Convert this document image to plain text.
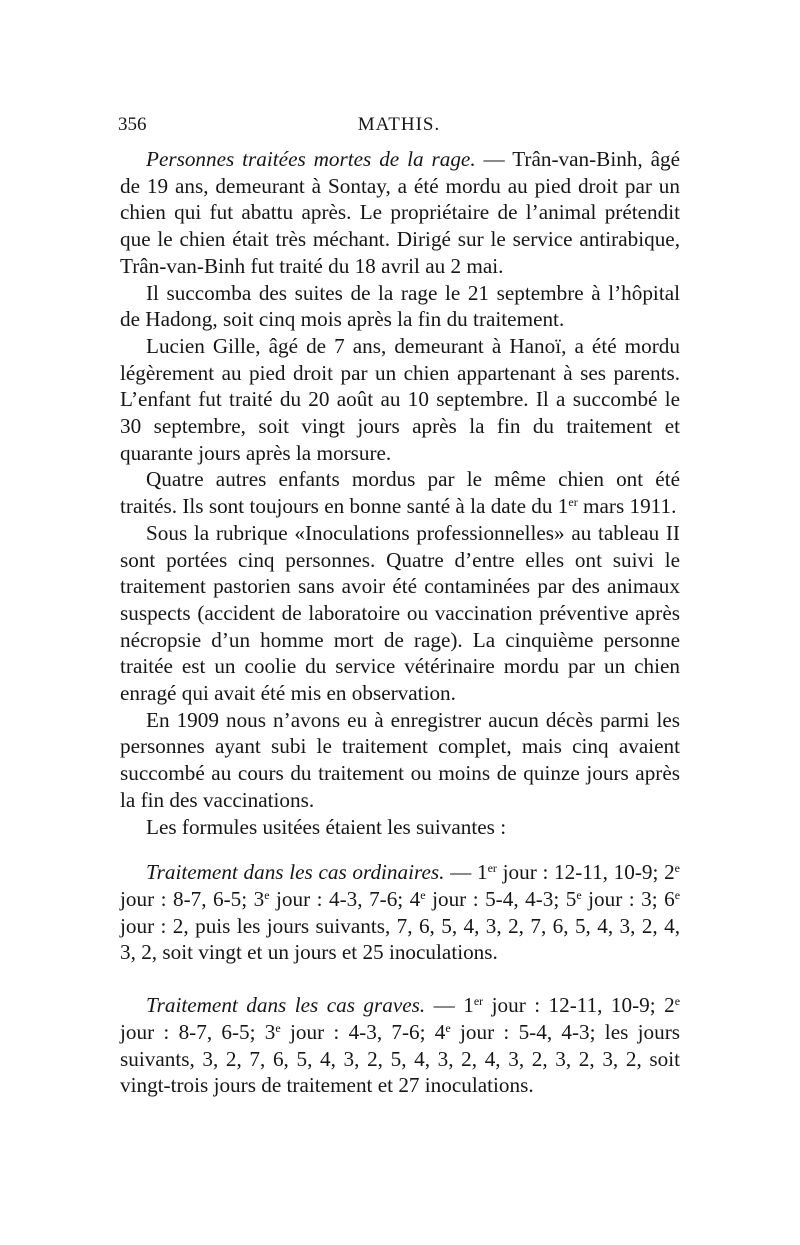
356	MATHIS.

Personnes traitées mortes de la rage. — Trân-van-Binh, âgé de 19 ans, demeurant à Sontay, a été mordu au pied droit par un chien qui fut abattu après. Le propriétaire de l’animal prétendit que le chien était très méchant. Dirigé sur le service antirabique, Trân-van-Binh fut traité du 18 avril au 2 mai.

Il succomba des suites de la rage le 21 septembre à l’hôpital de Hadong, soit cinq mois après la fin du traitement.

Lucien Gille, âgé de 7 ans, demeurant à Hanoï, a été mordu légèrement au pied droit par un chien appartenant à ses parents. L’enfant fut traité du 20 août au 10 septembre. Il a succombé le 30 septembre, soit vingt jours après la fin du traitement et quarante jours après la morsure.

Quatre autres enfants mordus par le même chien ont été traités. Ils sont toujours en bonne santé à la date du 1er mars 1911.

Sous la rubrique «Inoculations professionnelles» au tableau II sont portées cinq personnes. Quatre d’entre elles ont suivi le traitement pastorien sans avoir été contaminées par des animaux suspects (accident de laboratoire ou vaccination préventive après nécropsie d’un homme mort de rage). La cinquième personne traitée est un coolie du service vétérinaire mordu par un chien enragé qui avait été mis en observation.

En 1909 nous n’avons eu à enregistrer aucun décès parmi les personnes ayant subi le traitement complet, mais cinq avaient succombé au cours du traitement ou moins de quinze jours après la fin des vaccinations.

Les formules usitées étaient les suivantes :

Traitement dans les cas ordinaires. — 1er jour : 12-11, 10-9; 2e jour : 8-7, 6-5; 3e jour : 4-3, 7-6; 4e jour : 5-4, 4-3; 5e jour : 3; 6e jour : 2, puis les jours suivants, 7, 6, 5, 4, 3, 2, 7, 6, 5, 4, 3, 2, 4, 3, 2, soit vingt et un jours et 25 inoculations.

Traitement dans les cas graves. — 1er jour : 12-11, 10-9; 2e jour : 8-7, 6-5; 3e jour : 4-3, 7-6; 4e jour : 5-4, 4-3; les jours suivants, 3, 2, 7, 6, 5, 4, 3, 2, 5, 4, 3, 2, 4, 3, 2, 3, 2, 3, 2, soit vingt-trois jours de traitement et 27 inoculations.
